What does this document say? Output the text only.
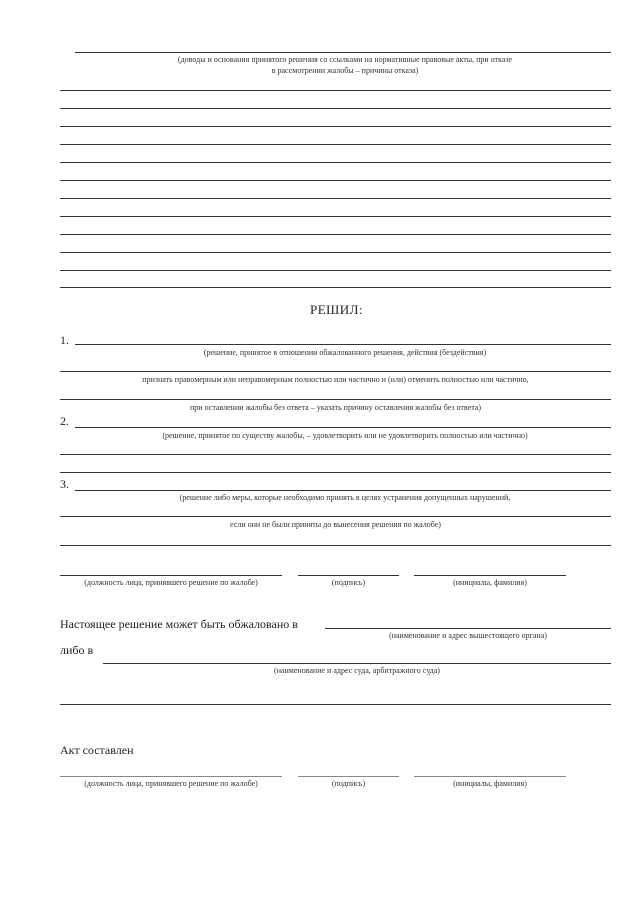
(доводы и основания принятого решения со ссылками на нормативные правовые акты, при отказе
в рассмотрении жалобы – причины отказа)
РЕШИЛ:
1.
(решение, принятое в отношении обжалованного решения, действия (бездействия)
признать правомерным или неправомерным полностью или частично и (или) отменить полностью или частично,
при оставлении жалобы без ответа – указать причину оставления жалобы без ответа)
2.
(решение, принятое по существу жалобы, – удовлетворить или не удовлетворить полностью или частично)
3.
(решение либо меры, которые необходимо принять в целях устранения допущенных нарушений,
если они не были приняты до вынесения решения по жалобе)
(должность лица, принявшего решение по жалобе)	(подпись)	(инициалы, фамилия)
Настоящее решение может быть обжаловано в
(наименование и адрес вышестоящего органа)
либо в
(наименование и адрес суда, арбитражного суда)
Акт составлен
(должность лица, принявшего решение по жалобе)	(подпись)	(инициалы, фамилия)
